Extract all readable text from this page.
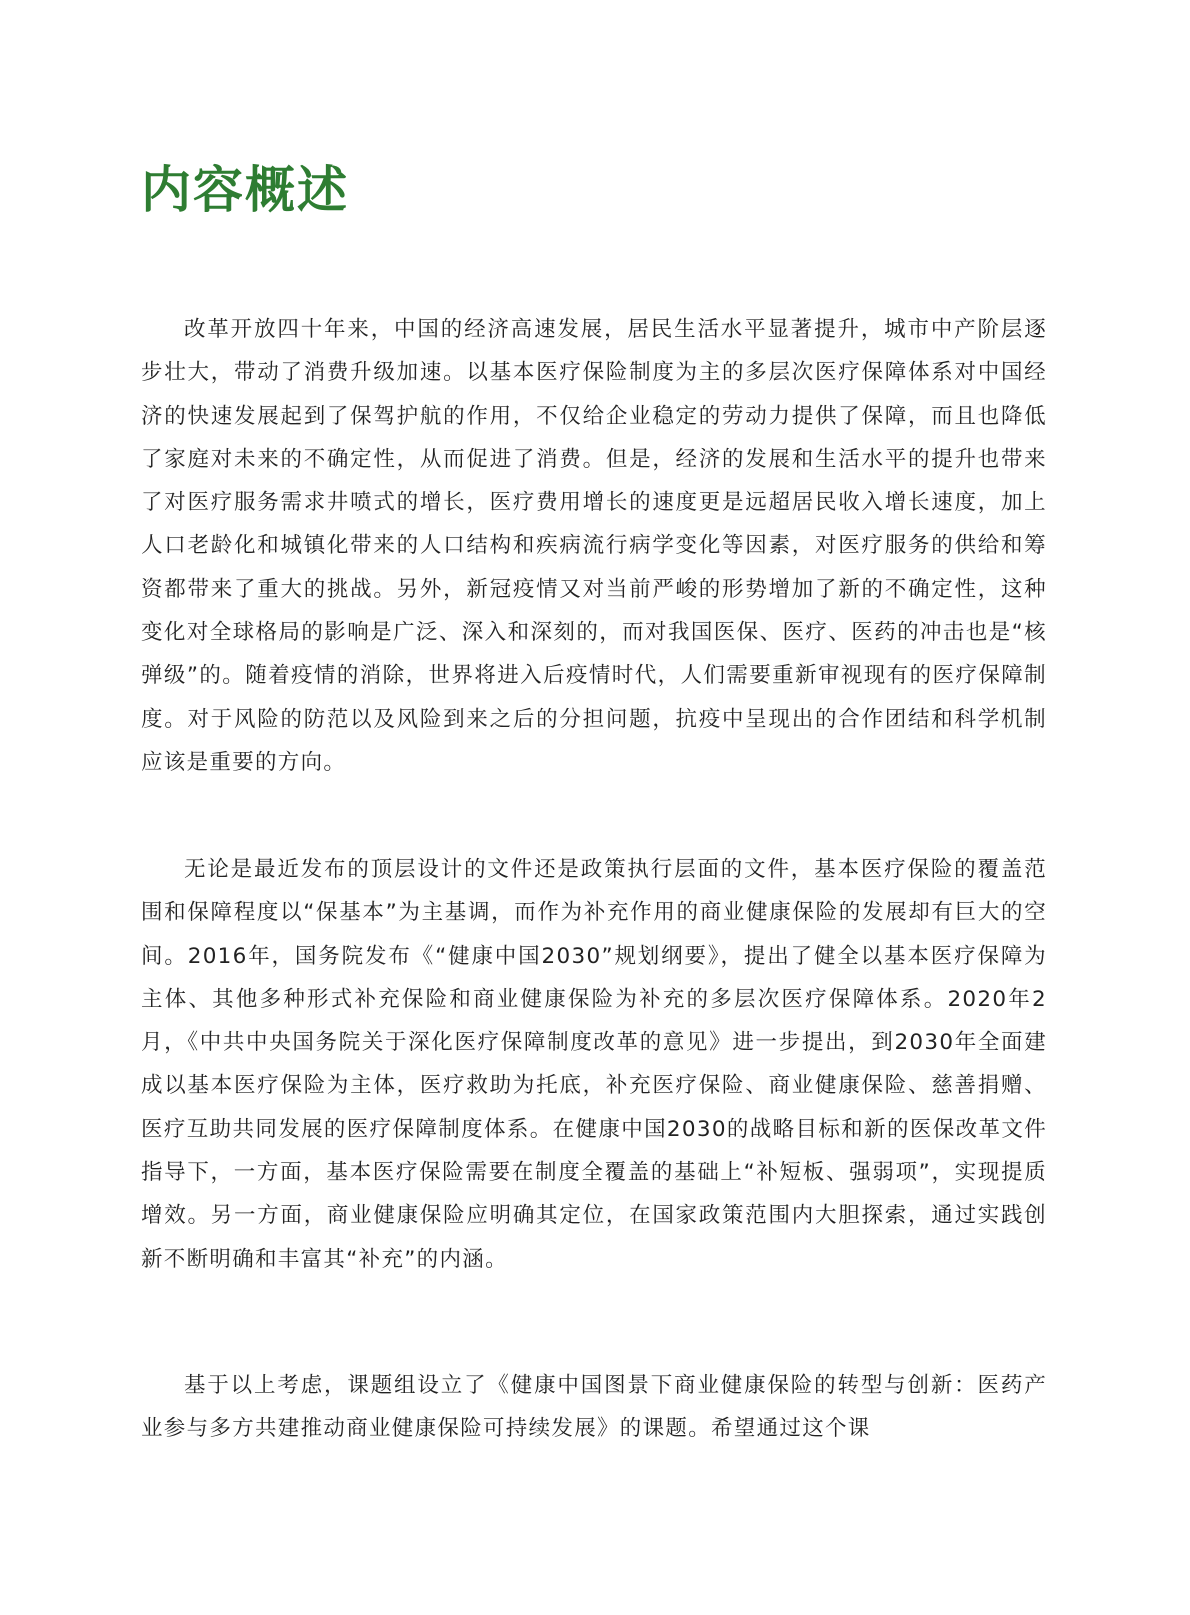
内容概述

改革开放四十年来，中国的经济高速发展，居民生活水平显著提升，城市中产阶层逐步壮大，带动了消费升级加速。以基本医疗保险制度为主的多层次医疗保障体系对中国经济的快速发展起到了保驾护航的作用，不仅给企业稳定的劳动力提供了保障，而且也降低了家庭对未来的不确定性，从而促进了消费。但是，经济的发展和生活水平的提升也带来了对医疗服务需求井喷式的增长，医疗费用增长的速度更是远超居民收入增长速度，加上人口老龄化和城镇化带来的人口结构和疾病流行病学变化等因素，对医疗服务的供给和筹资都带来了重大的挑战。另外，新冠疫情又对当前严峻的形势增加了新的不确定性，这种变化对全球格局的影响是广泛、深入和深刻的，而对我国医保、医疗、医药的冲击也是“核弹级”的。随着疫情的消除，世界将进入后疫情时代，人们需要重新审视现有的医疗保障制度。对于风险的防范以及风险到来之后的分担问题，抗疫中呈现出的合作团结和科学机制应该是重要的方向。

无论是最近发布的顶层设计的文件还是政策执行层面的文件，基本医疗保险的覆盖范围和保障程度以“保基本”为主基调，而作为补充作用的商业健康保险的发展却有巨大的空间。2016年，国务院发布《“健康中国2030”规划纲要》，提出了健全以基本医疗保障为主体、其他多种形式补充保险和商业健康保险为补充的多层次医疗保障体系。2020年2月，《中共中央国务院关于深化医疗保障制度改革的意见》进一步提出，到2030年全面建成以基本医疗保险为主体，医疗救助为托底，补充医疗保险、商业健康保险、慈善捐赠、医疗互助共同发展的医疗保障制度体系。在健康中国2030的战略目标和新的医保改革文件指导下，一方面，基本医疗保险需要在制度全覆盖的基础上“补短板、强弱项”，实现提质增效。另一方面，商业健康保险应明确其定位，在国家政策范围内大胆探索，通过实践创新不断明确和丰富其“补充”的内涵。

基于以上考虑，课题组设立了《健康中国图景下商业健康保险的转型与创新：医药产业参与多方共建推动商业健康保险可持续发展》的课题。希望通过这个课
